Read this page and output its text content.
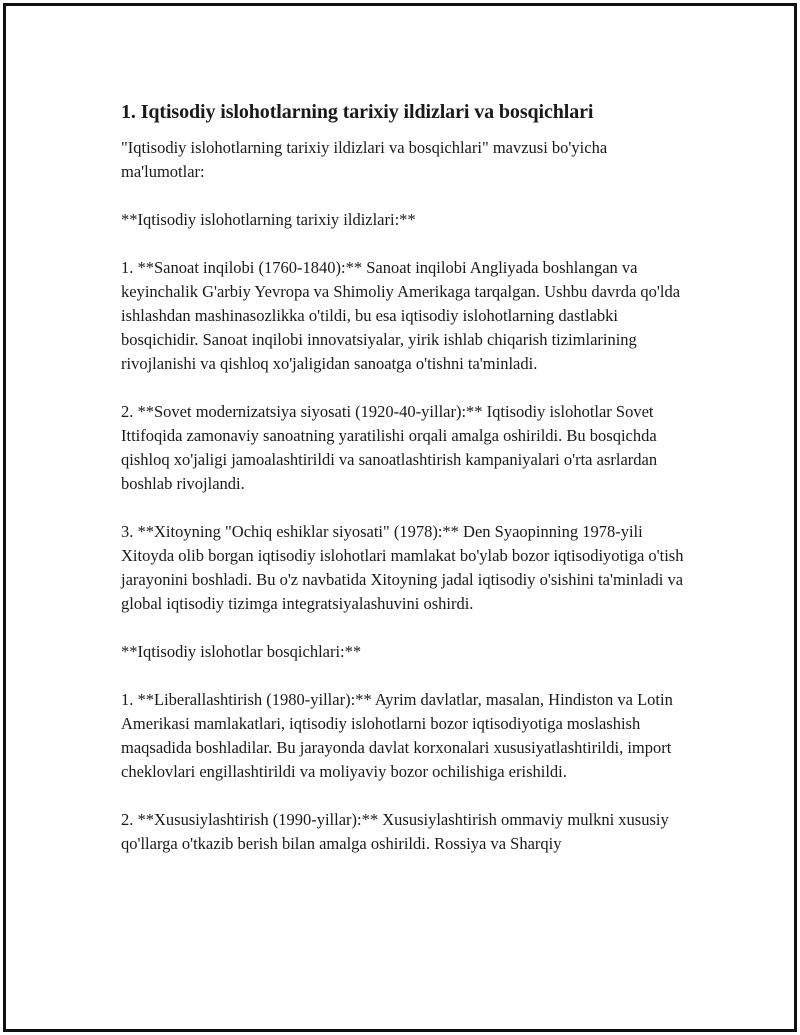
1. Iqtisodiy islohotlarning tarixiy ildizlari va bosqichlari
"Iqtisodiy islohotlarning tarixiy ildizlari va bosqichlari" mavzusi bo'yicha ma'lumotlar:
**Iqtisodiy islohotlarning tarixiy ildizlari:**
1. **Sanoat inqilobi (1760-1840):** Sanoat inqilobi Angliyada boshlangan va keyinchalik G'arbiy Yevropa va Shimoliy Amerikaga tarqalgan. Ushbu davrda qo'lda ishlashdan mashinasozlikka o'tildi, bu esa iqtisodiy islohotlarning dastlabki bosqichidir. Sanoat inqilobi innovatsiyalar, yirik ishlab chiqarish tizimlarining rivojlanishi va qishloq xo'jaligidan sanoatga o'tishni ta'minladi.
2. **Sovet modernizatsiya siyosati (1920-40-yillar):** Iqtisodiy islohotlar Sovet Ittifoqida zamonaviy sanoatning yaratilishi orqali amalga oshirildi. Bu bosqichda qishloq xo'jaligi jamoalashtirildi va sanoatlashtirish kampaniyalari o'rta asrlardan boshlab rivojlandi.
3. **Xitoyning "Ochiq eshiklar siyosati" (1978):** Den Syaopinning 1978-yili Xitoyda olib borgan iqtisodiy islohotlari mamlakat bo'ylab bozor iqtisodiyotiga o'tish jarayonini boshladi. Bu o'z navbatida Xitoyning jadal iqtisodiy o'sishini ta'minladi va global iqtisodiy tizimga integratsiyalashuvini oshirdi.
**Iqtisodiy islohotlar bosqichlari:**
1. **Liberallashtirish (1980-yillar):** Ayrim davlatlar, masalan, Hindiston va Lotin Amerikasi mamlakatlari, iqtisodiy islohotlarni bozor iqtisodiyotiga moslashish maqsadida boshladilar. Bu jarayonda davlat korxonalari xususiyatlashtirildi, import cheklovlari engillashtirildi va moliyaviy bozor ochilishiga erishildi.
2. **Xususiylashtirish (1990-yillar):** Xususiylashtirish ommaviy mulkni xususiy qo'llarga o'tkazib berish bilan amalga oshirildi. Rossiya va Sharqiy
